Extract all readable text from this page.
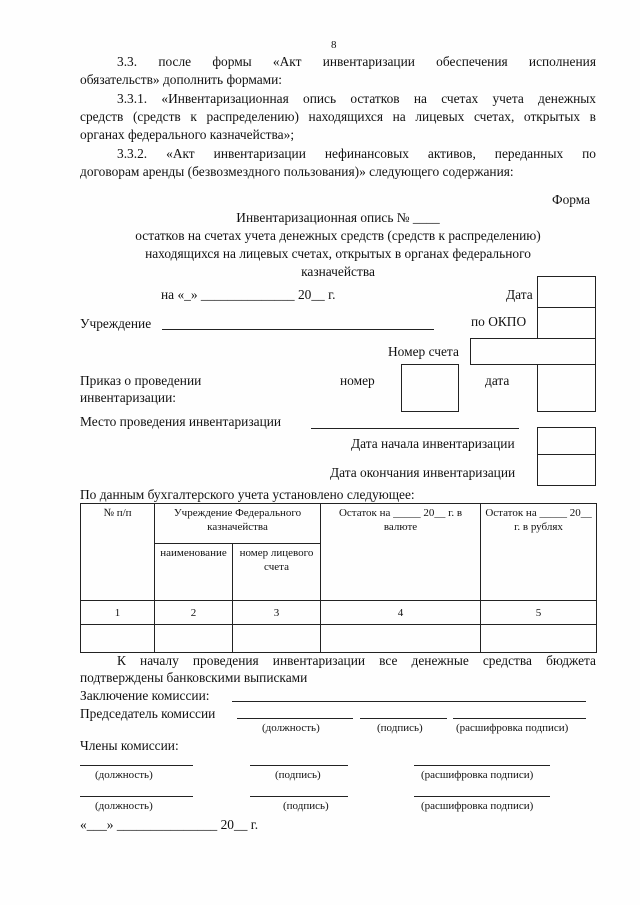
8
3.3. после формы «Акт инвентаризации обеспечения исполнения
обязательств» дополнить формами:
3.3.1. «Инвентаризационная опись остатков на счетах учета денежных
средств (средств к распределению) находящихся на лицевых счетах, открытых в
органах федерального казначейства»;
3.3.2. «Акт инвентаризации нефинансовых активов, переданных по
договорам аренды (безвозмездного пользования)» следующего содержания:
Форма
Инвентаризационная опись № ____
остатков на счетах учета денежных средств (средств к распределению)
находящихся на лицевых счетах, открытых в органах федерального
казначейства
на «_» ______________ 20__ г.	Дата
Учреждение	по ОКПО
Номер счета
Приказ о проведении
инвентаризации:
номер	дата
Место проведения инвентаризации
Дата начала инвентаризации
Дата окончания инвентаризации
По данным бухгалтерского учета установлено следующее:
№ п/п	Учреждение Федерального казначейства		Остаток на _____ 20__ г. в валюте	Остаток на _____ 20__ г. в рублях
	наименование	номер лицевого счета		
1	2	3	4	5

К началу проведения инвентаризации все денежные средства бюджета
подтверждены банковскими выписками
Заключение комиссии:
Председатель комиссии
(должность)	(подпись)	(расшифровка подписи)
Члены комиссии:
(должность)	(подпись)	(расшифровка подписи)
(должность)	(подпись)	(расшифровка подписи)
«___» _______________ 20__ г.
